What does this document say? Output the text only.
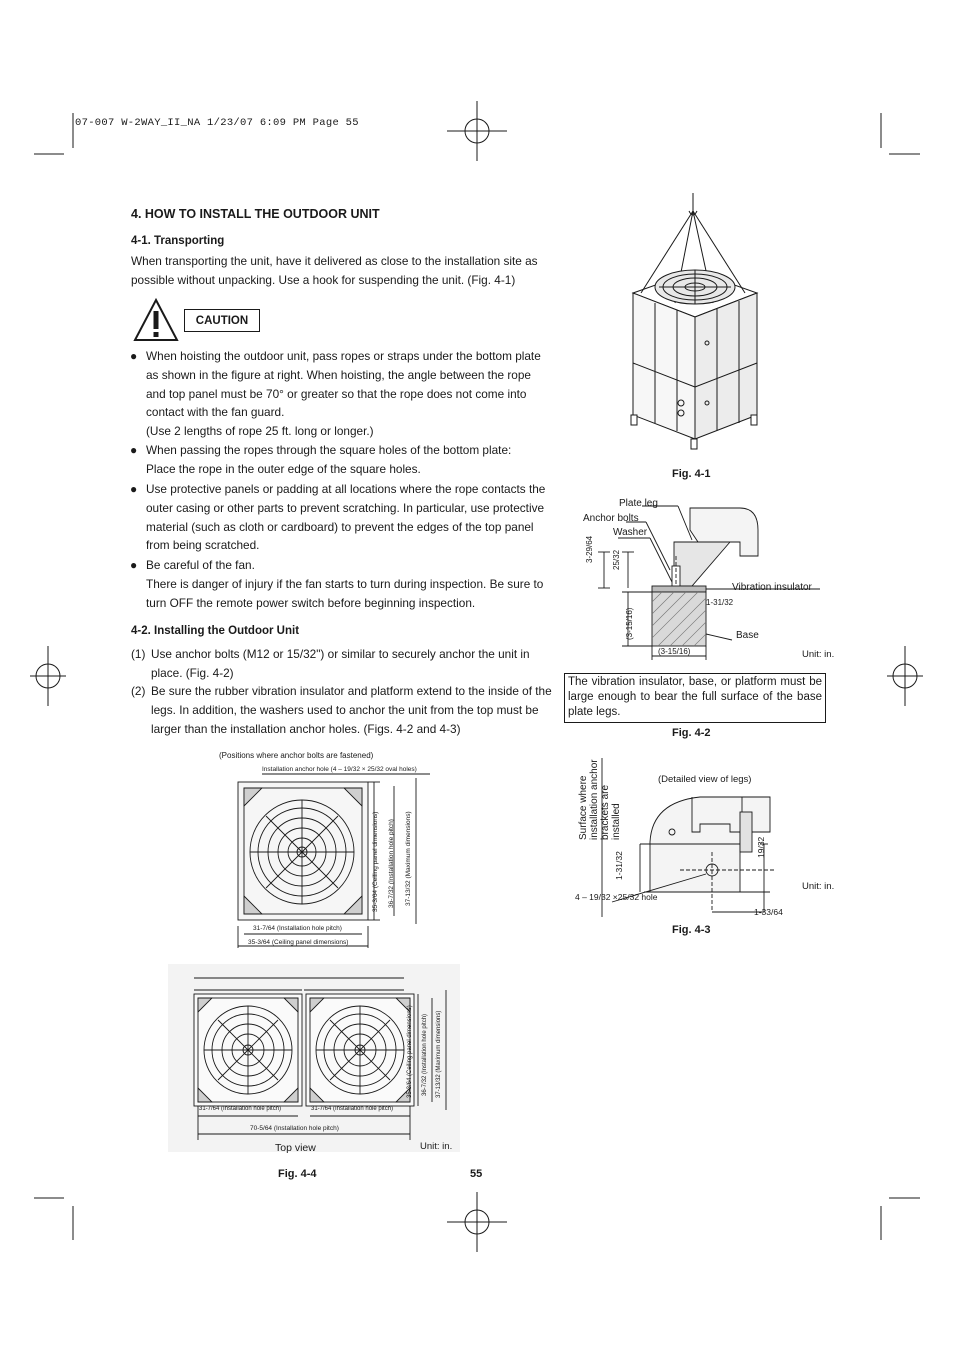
07-007 W-2WAY_II_NA 1/23/07 6:09 PM Page 55
4. HOW TO INSTALL THE OUTDOOR UNIT
4-1. Transporting
When transporting the unit, have it delivered as close to the installation site as
possible without unpacking. Use a hook for suspending the unit. (Fig. 4-1)
CAUTION
● When hoisting the outdoor unit, pass ropes or straps under the bottom plate
as shown in the figure at right. When hoisting, the angle between the rope
and top panel must be 70° or greater so that the rope does not come into
contact with the fan guard.
(Use 2 lengths of rope 25 ft. long or longer.)
● When passing the ropes through the square holes of the bottom plate:
Place the rope in the outer edge of the square holes.
● Use protective panels or padding at all locations where the rope contacts the
outer casing or other parts to prevent scratching. In particular, use protective
material (such as cloth or cardboard) to prevent the edges of the top panel
from being scratched.
● Be careful of the fan.
There is danger of injury if the fan starts to turn during inspection. Be sure to
turn OFF the remote power switch before beginning inspection.
4-2. Installing the Outdoor Unit
(1) Use anchor bolts (M12 or 15/32") or similar to securely anchor the unit in
place. (Fig. 4-2)
(2) Be sure the rubber vibration insulator and platform extend to the inside of the
legs. In addition, the washers used to anchor the unit from the top must be
larger than the installation anchor holes. (Figs. 4-2 and 4-3)
Fig. 4-1
Plate leg
Anchor bolts
Washer
Vibration insulator
Base
3-29/64 25/32
1-31/32
(3-15/16)
(3-15/16)	Unit: in.
The vibration insulator, base, or platform must be large enough to bear the full surface of the base plate legs.
Fig. 4-2
Surface where installation anchor brackets are installed
(Detailed view of legs)
1-31/32
19/32
4 – 19/32 ×25/32 hole
1-33/64
Unit: in.
Fig. 4-3
(Positions where anchor bolts are fastened)
Installation anchor hole (4 – 19/32 × 25/32 oval holes)
35-3/64 (Ceiling panel dimensions) 36-7/32 (Installation hole pitch) 37-13/32 (Maximum dimensions)
31-7/64 (Installation hole pitch)
35-3/64 (Ceiling panel dimensions)
35-3/64 (Ceiling panel dimensions) 36-7/32 (Installation hole pitch) 37-13/32 (Maximum dimensions)
31-7/64 (Installation hole pitch)	31-7/64 (Installation hole pitch)
70-5/64 (Installation hole pitch)
Top view	Unit: in.
Fig. 4-4	55
